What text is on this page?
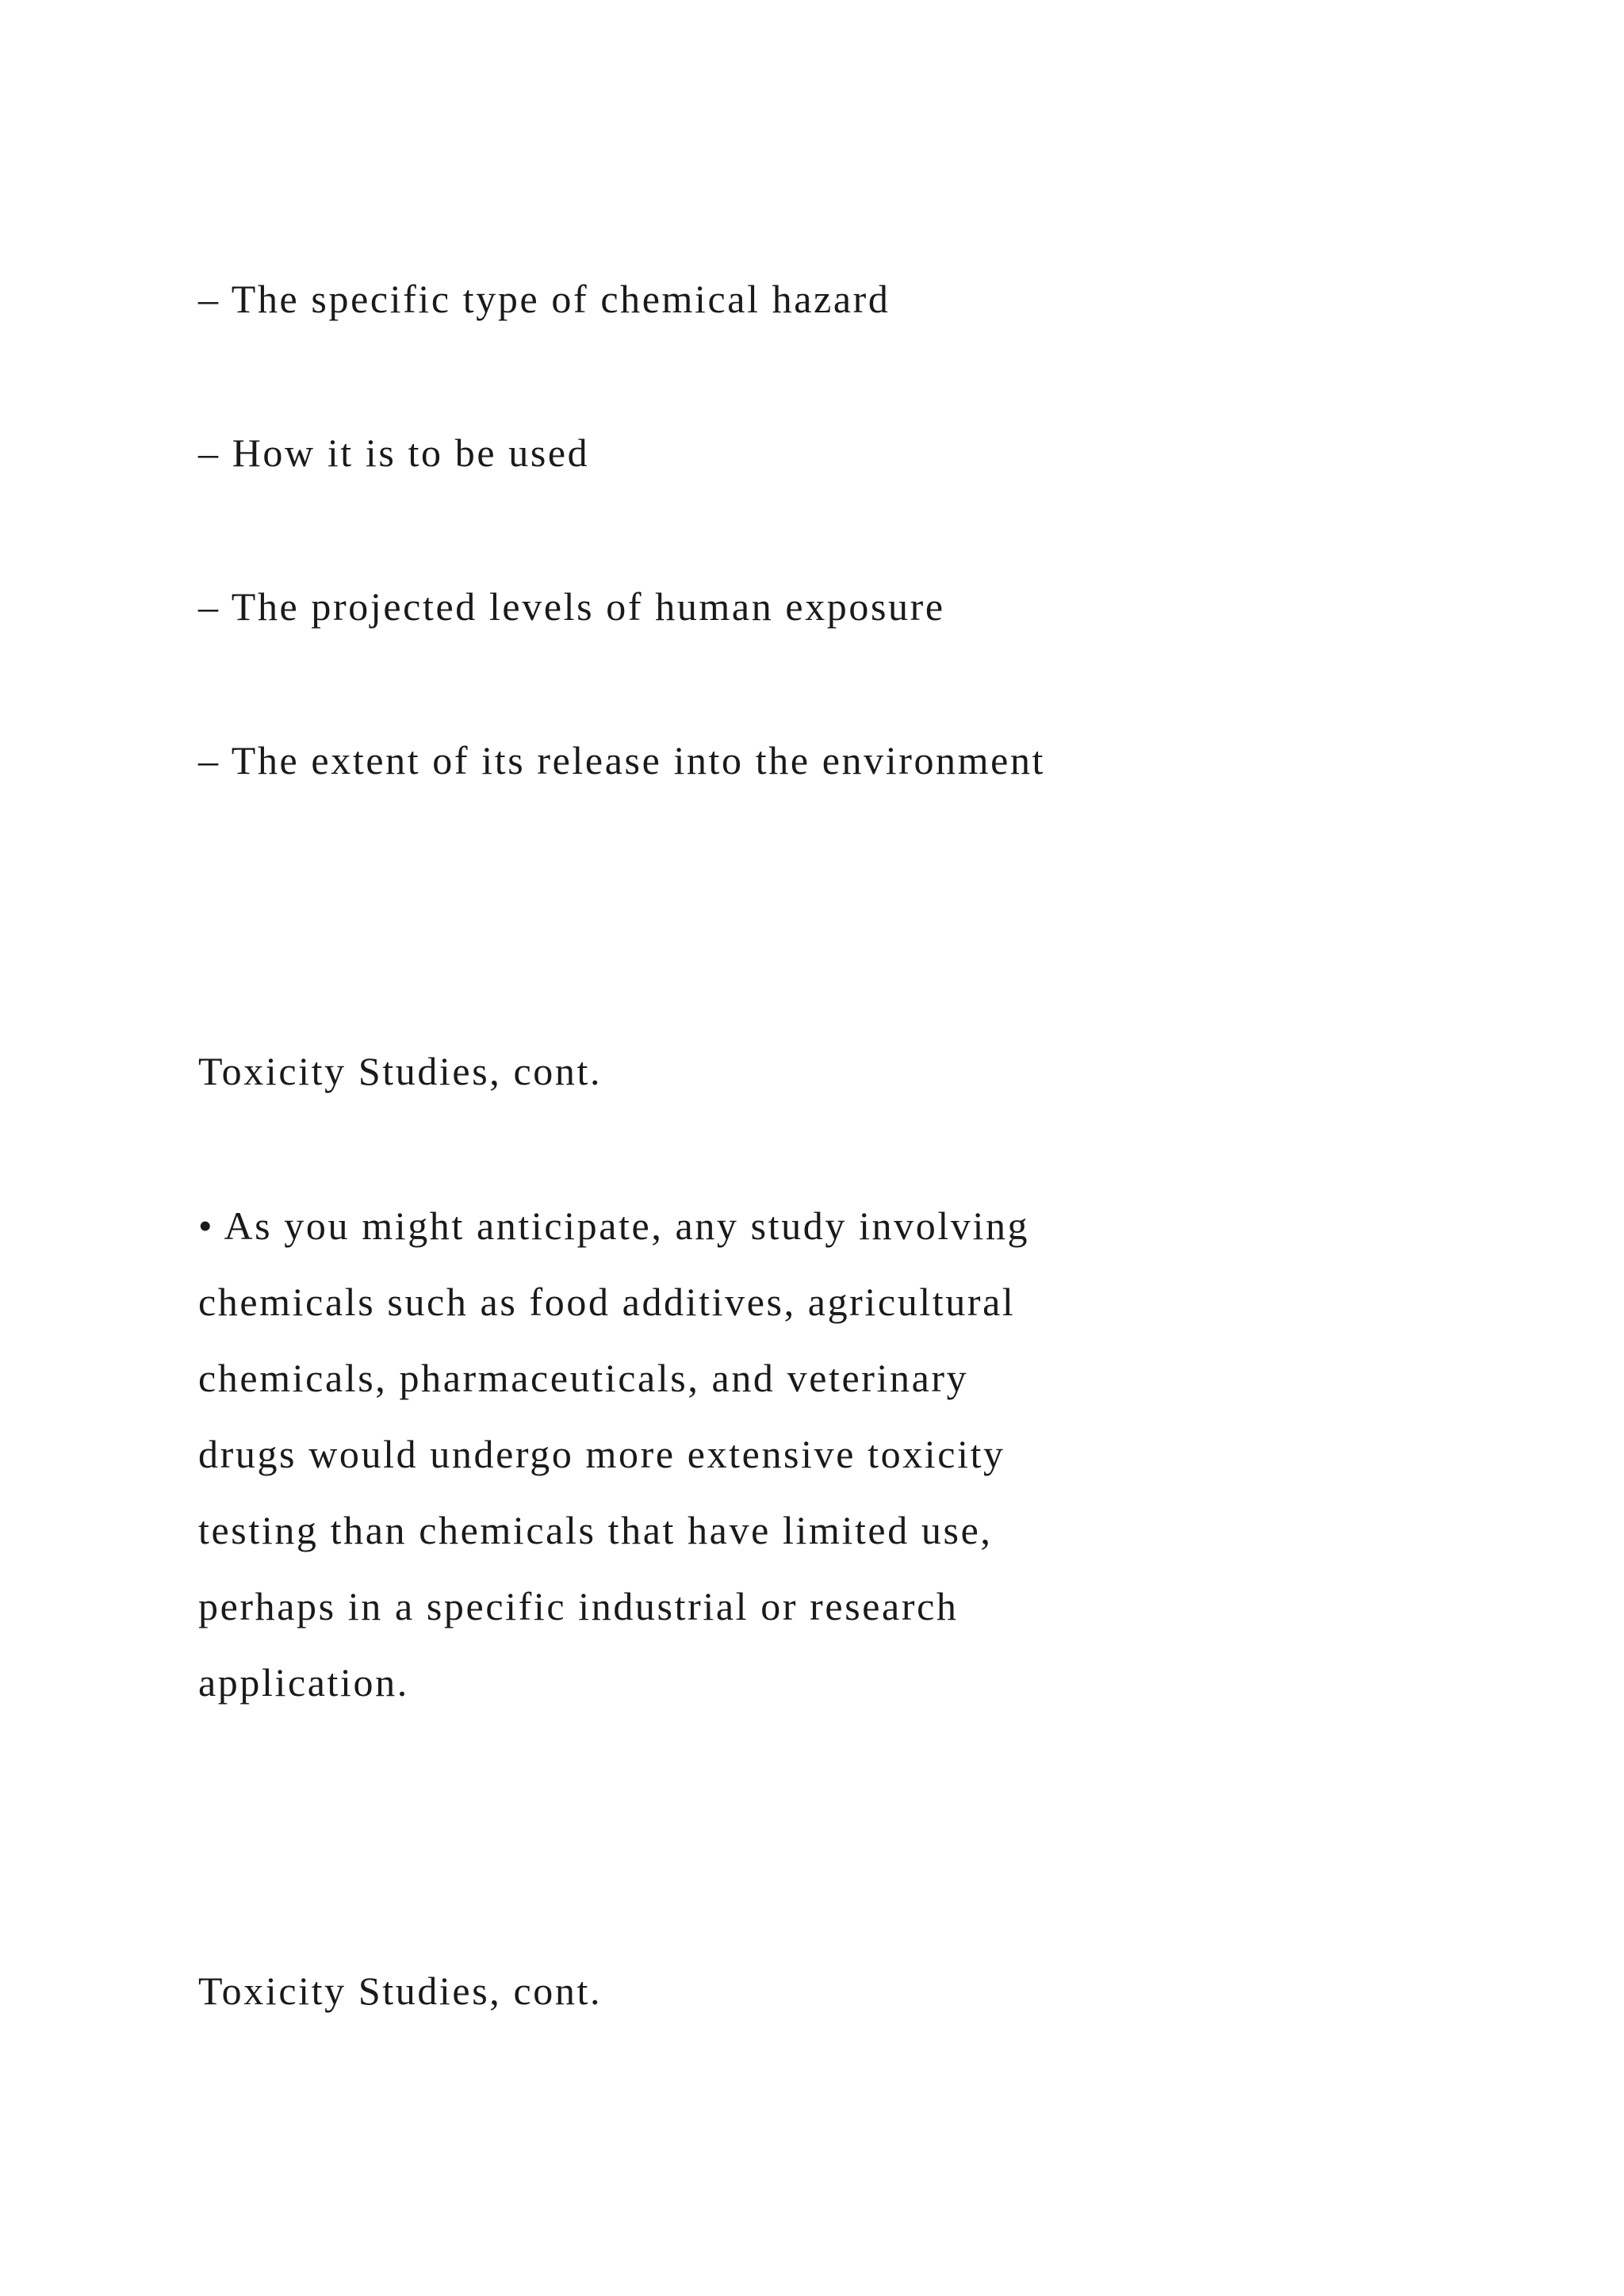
– The specific type of chemical hazard

– How it is to be used

– The projected levels of human exposure

– The extent of its release into the environment

Toxicity Studies, cont.

• As you might anticipate, any study involving

chemicals such as food additives, agricultural

chemicals, pharmaceuticals, and veterinary

drugs would undergo more extensive toxicity

testing than chemicals that have limited use,

perhaps in a specific industrial or research

application.

Toxicity Studies, cont.
